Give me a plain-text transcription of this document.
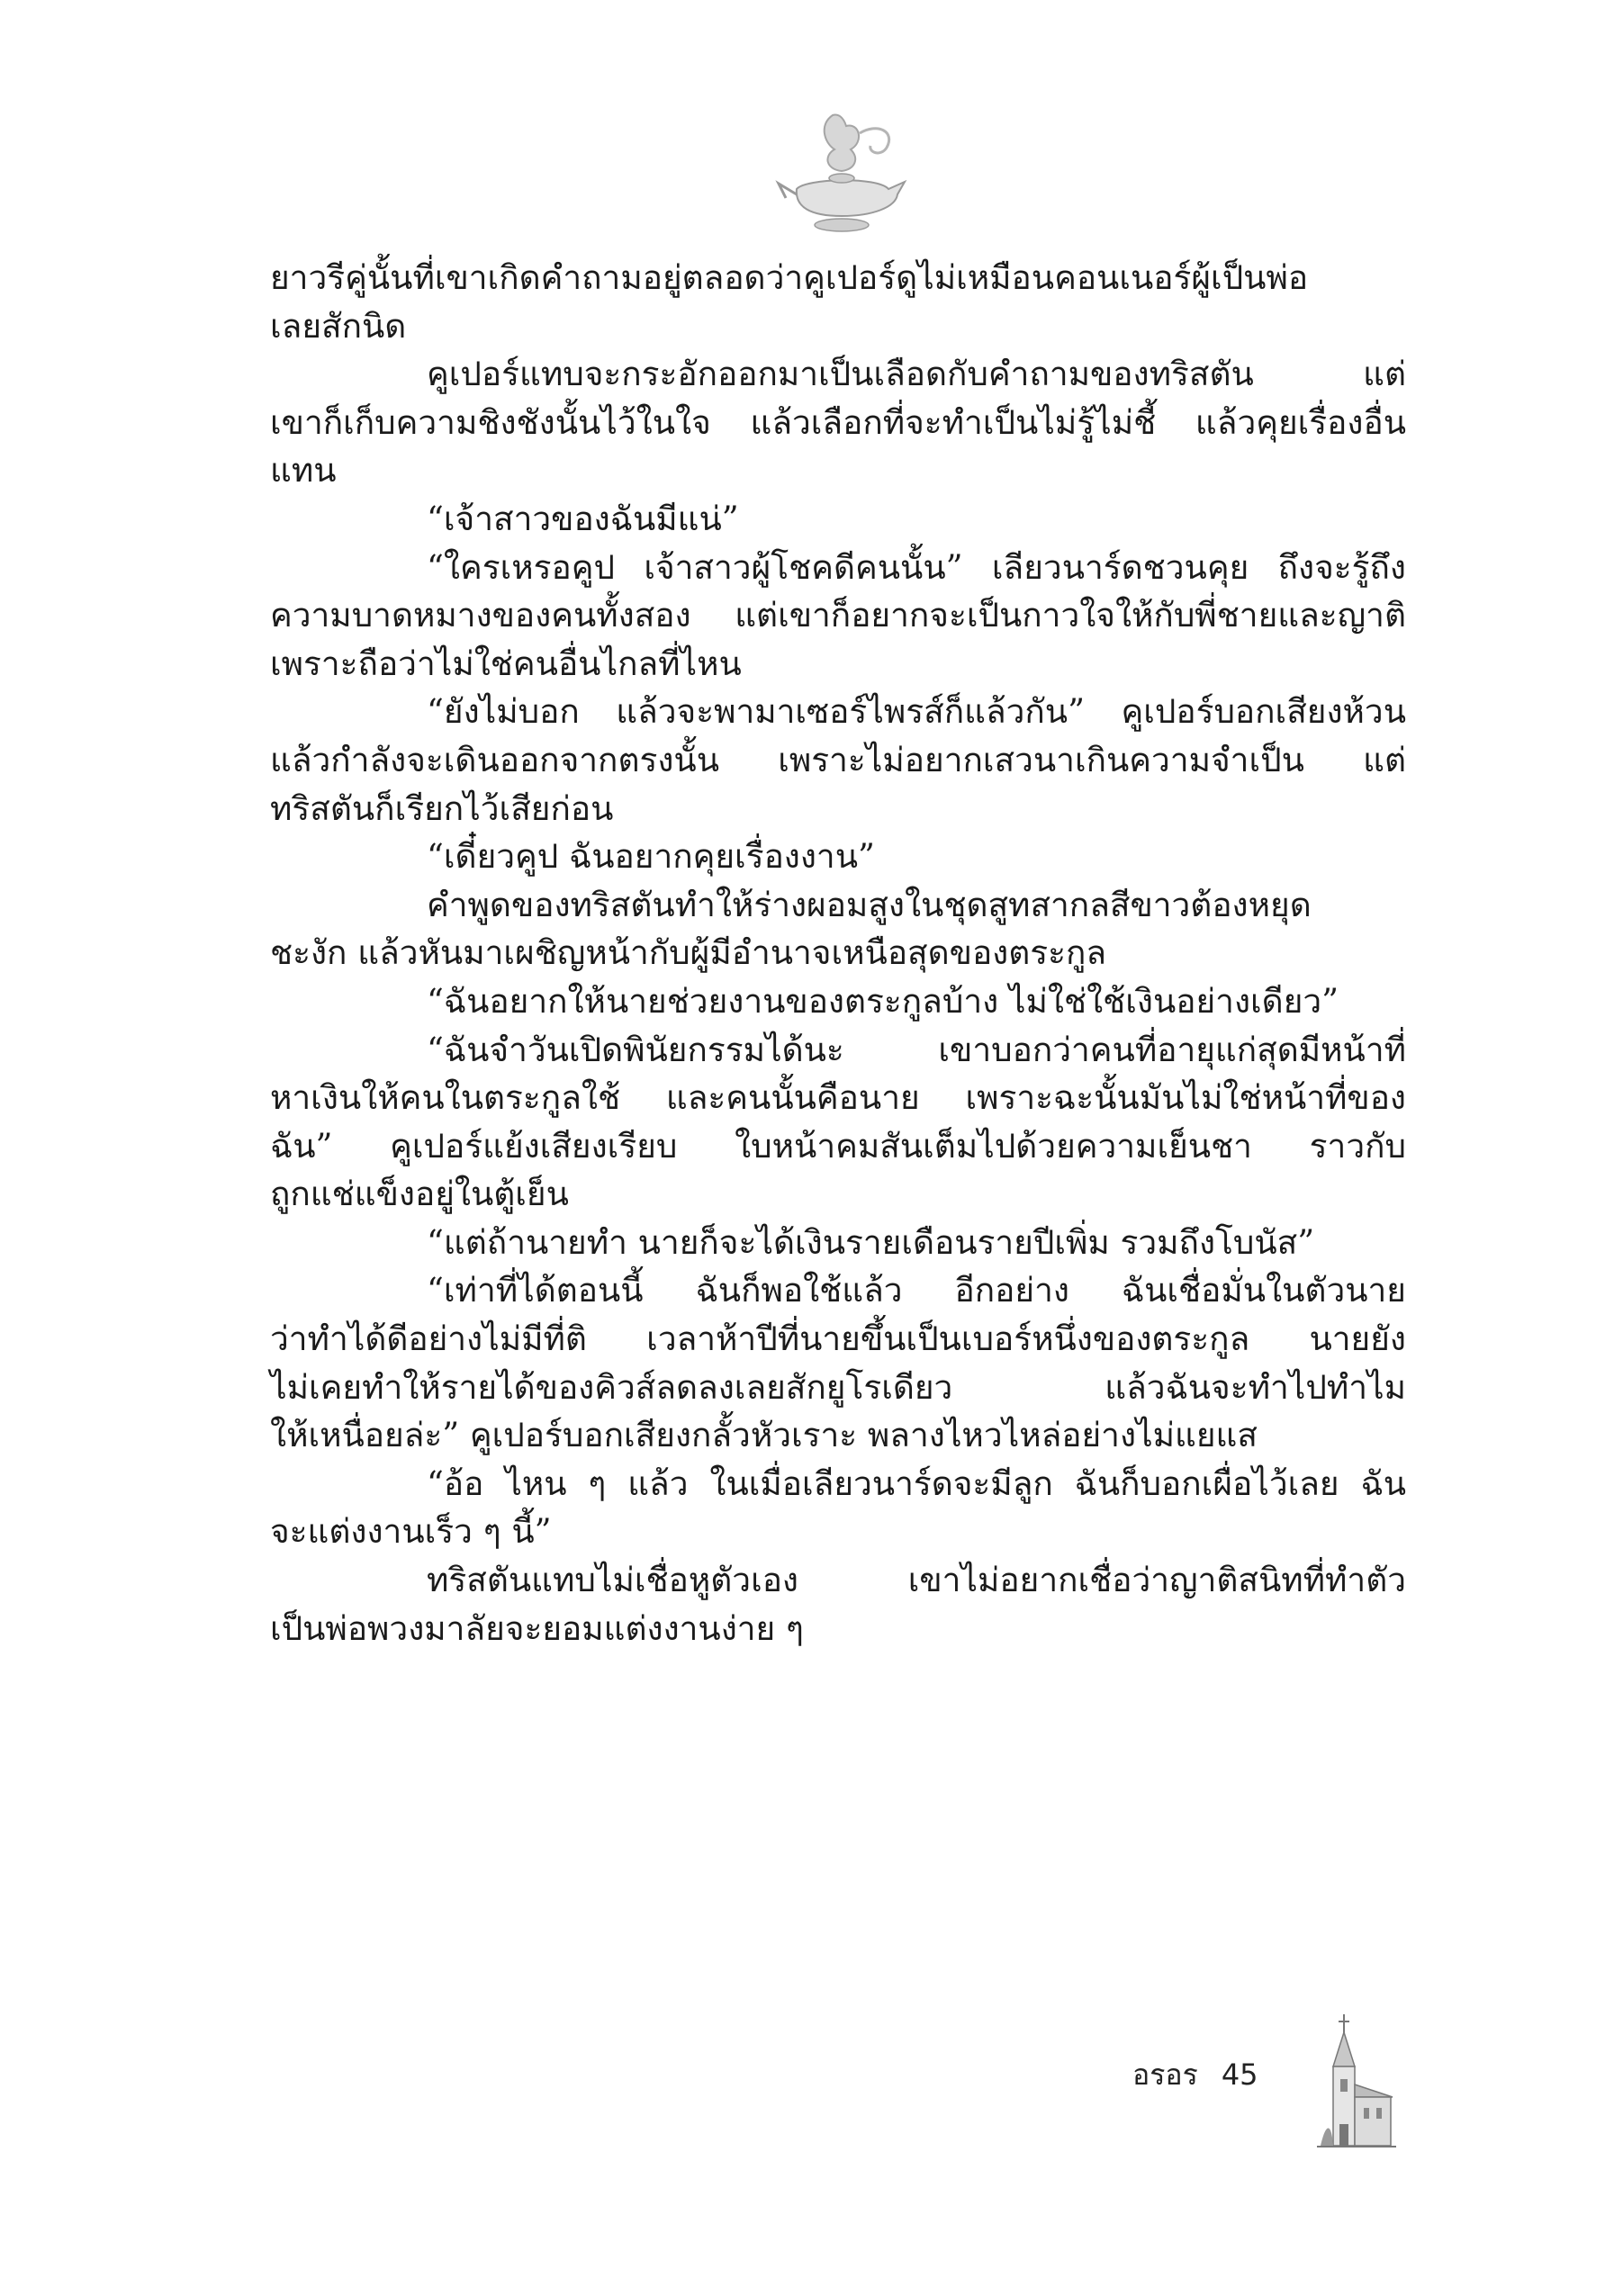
ยาวรีคู่นั้นที่เขาเกิดคำถามอยู่ตลอดว่าคูเปอร์ดูไม่เหมือนคอนเนอร์ผู้เป็นพ่อ
เลยสักนิด
คูเปอร์แทบจะกระอักออกมาเป็นเลือดกับคำถามของทริสตัน แต่
เขาก็เก็บความชิงชังนั้นไว้ในใจ แล้วเลือกที่จะทำเป็นไม่รู้ไม่ชี้ แล้วคุยเรื่องอื่น
แทน
“เจ้าสาวของฉันมีแน่”
“ใครเหรอคูป เจ้าสาวผู้โชคดีคนนั้น” เลียวนาร์ดชวนคุย ถึงจะรู้ถึง
ความบาดหมางของคนทั้งสอง แต่เขาก็อยากจะเป็นกาวใจให้กับพี่ชายและญาติ
เพราะถือว่าไม่ใช่คนอื่นไกลที่ไหน
“ยังไม่บอก แล้วจะพามาเซอร์ไพรส์ก็แล้วกัน” คูเปอร์บอกเสียงห้วน
แล้วกำลังจะเดินออกจากตรงนั้น เพราะไม่อยากเสวนาเกินความจำเป็น แต่
ทริสตันก็เรียกไว้เสียก่อน
“เดี๋ยวคูป ฉันอยากคุยเรื่องงาน”
คำพูดของทริสตันทำให้ร่างผอมสูงในชุดสูทสากลสีขาวต้องหยุด
ชะงัก แล้วหันมาเผชิญหน้ากับผู้มีอำนาจเหนือสุดของตระกูล
“ฉันอยากให้นายช่วยงานของตระกูลบ้าง ไม่ใช่ใช้เงินอย่างเดียว”
“ฉันจำวันเปิดพินัยกรรมได้นะ เขาบอกว่าคนที่อายุแก่สุดมีหน้าที่
หาเงินให้คนในตระกูลใช้ และคนนั้นคือนาย เพราะฉะนั้นมันไม่ใช่หน้าที่ของ
ฉัน” คูเปอร์แย้งเสียงเรียบ ใบหน้าคมสันเต็มไปด้วยความเย็นชา ราวกับ
ถูกแช่แข็งอยู่ในตู้เย็น
“แต่ถ้านายทำ นายก็จะได้เงินรายเดือนรายปีเพิ่ม รวมถึงโบนัส”
“เท่าที่ได้ตอนนี้ ฉันก็พอใช้แล้ว อีกอย่าง ฉันเชื่อมั่นในตัวนาย
ว่าทำได้ดีอย่างไม่มีที่ติ เวลาห้าปีที่นายขึ้นเป็นเบอร์หนึ่งของตระกูล นายยัง
ไม่เคยทำให้รายได้ของคิวส์ลดลงเลยสักยูโรเดียว แล้วฉันจะทำไปทำไม
ให้เหนื่อยล่ะ” คูเปอร์บอกเสียงกลั้วหัวเราะ พลางไหวไหล่อย่างไม่แยแส
“อ้อ ไหน ๆ แล้ว ในเมื่อเลียวนาร์ดจะมีลูก ฉันก็บอกเผื่อไว้เลย ฉัน
จะแต่งงานเร็ว ๆ นี้”
ทริสตันแทบไม่เชื่อหูตัวเอง เขาไม่อยากเชื่อว่าญาติสนิทที่ทำตัว
เป็นพ่อพวงมาลัยจะยอมแต่งงานง่าย ๆ
อรอร 45
